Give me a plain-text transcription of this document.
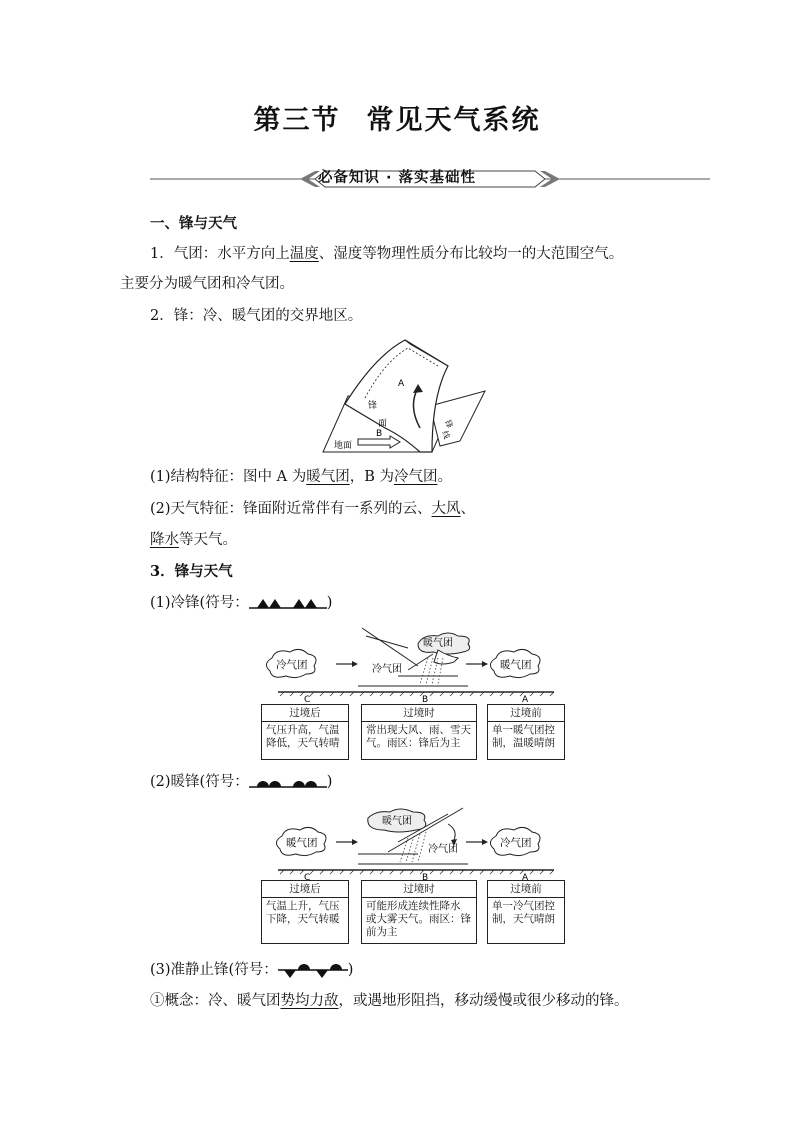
第三节 常见天气系统
必备知识 · 落实基础性
一、锋与天气
1．气团：水平方向上温度、湿度等物理性质分布比较均一的大范围空气。
主要分为暖气团和冷气团。
2．锋：冷、暖气团的交界地区。
A
锋
面	锋
线
B
地面
(1)结构特征：图中 A 为暖气团，B 为冷气团。
(2)天气特征：锋面附近常伴有一系列的云、大风、
降水等天气。
3．锋与天气
(1)冷锋(符号：	)
冷气团
暖气团
冷气团	暖气团
C	B	A
过境后
气压升高，气温
降低，天气转晴
过境时
常出现大风、雨、雪天
气。雨区：锋后为主
过境前
单一暖气团控
制，温暖晴朗
(2)暖锋(符号：	)
暖气团
暖气团
冷气团
冷气团
C	B	A
过境后
气温上升，气压
下降，天气转暖
过境时
可能形成连续性降水
或大雾天气。雨区：锋
前为主
过境前
单一冷气团控
制，天气晴朗
(3)准静止锋(符号：	)
①概念：冷、暖气团势均力敌，或遇地形阻挡，移动缓慢或很少移动的锋。
